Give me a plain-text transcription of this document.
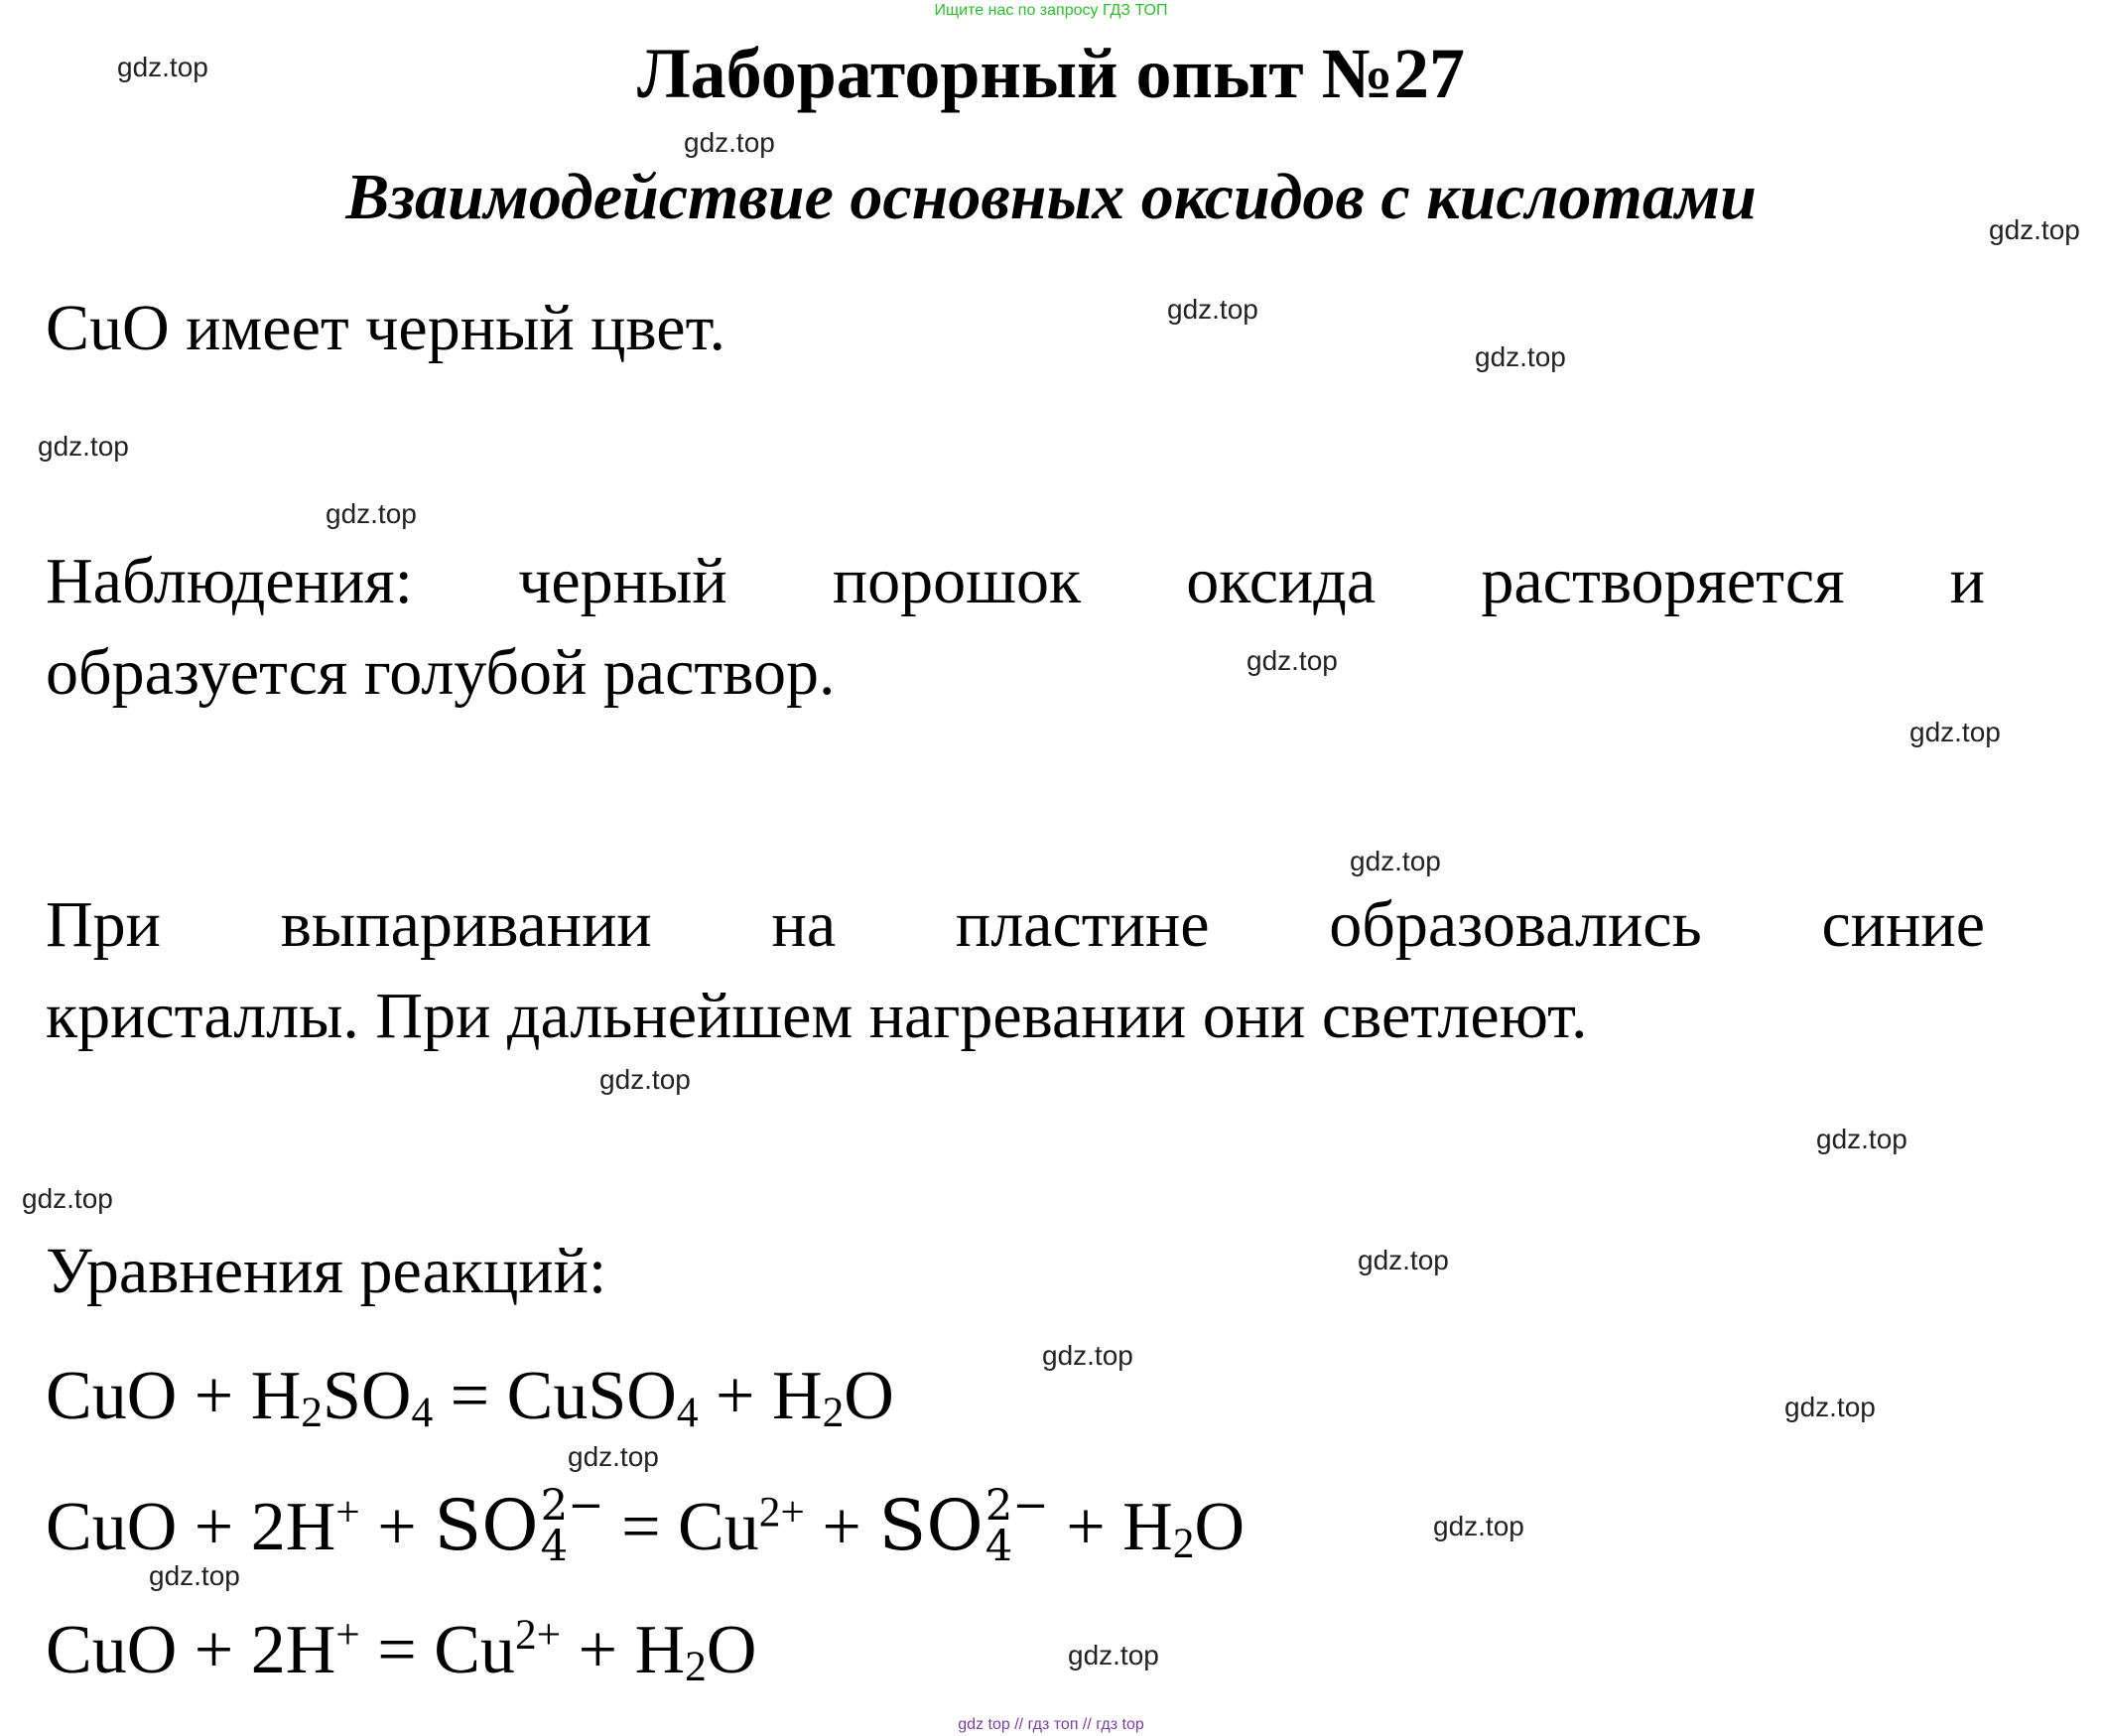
Ищите нас по запросу ГДЗ ТОП
Лабораторный опыт №27
Взаимодействие основных оксидов с кислотами
CuO имеет черный цвет.
Наблюдения: черный порошок оксида растворяется и
образуется голубой раствор.
При выпаривании на пластине образовались синие
кристаллы. При дальнейшем нагревании они светлеют.
Уравнения реакций:
CuO + $H_2SO_4$ = CuSO$_4$ + $H_2O$
CuO + 2H+ + SO 2−
$4 = Cu^{2+}$ + SO 2−
$4 + H_2O$
CuO + $2H^+ = Cu^{2+} + H_2O$
gdz.top
gdz.top
gdz.top
gdz.top
gdz.top
gdz.top
gdz.top
gdz.top
gdz.top
gdz.top
gdz.top
gdz.top
gdz.top
gdz.top
gdz.top
gdz.top
gdz.top
gdz.top
gdz.top
gdz.top
gdz top // гдз топ // гдз top
